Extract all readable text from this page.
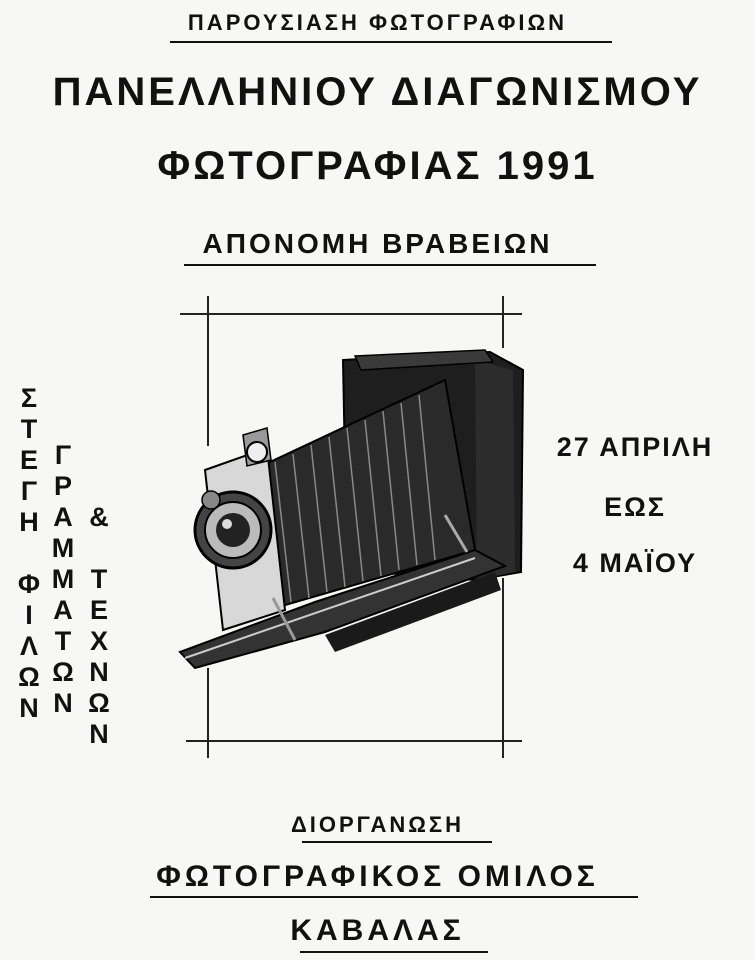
ΠΑΡΟΥΣΙΑΣΗ ΦΩΤΟΓΡΑΦΙΩΝ
ΠΑΝΕΛΛΗΝΙΟΥ ΔΙΑΓΩΝΙΣΜΟΥ
ΦΩΤΟΓΡΑΦΙΑΣ 1991
ΑΠΟΝΟΜΗ ΒΡΑΒΕΙΩΝ
Σ
Τ
Ε
Γ
Η

Φ
Ι
Λ
Ω
Ν
Γ
Ρ
Α
Μ
Μ
Α
Τ
Ω
Ν
&

Τ
Ε
Χ
Ν
Ω
Ν
27 ΑΠΡΙΛΗ
ΕΩΣ
4 ΜΑΪΟΥ
ΔΙΟΡΓΑΝΩΣΗ
ΦΩΤΟΓΡΑΦΙΚΟΣ ΟΜΙΛΟΣ
ΚΑΒΑΛΑΣ
